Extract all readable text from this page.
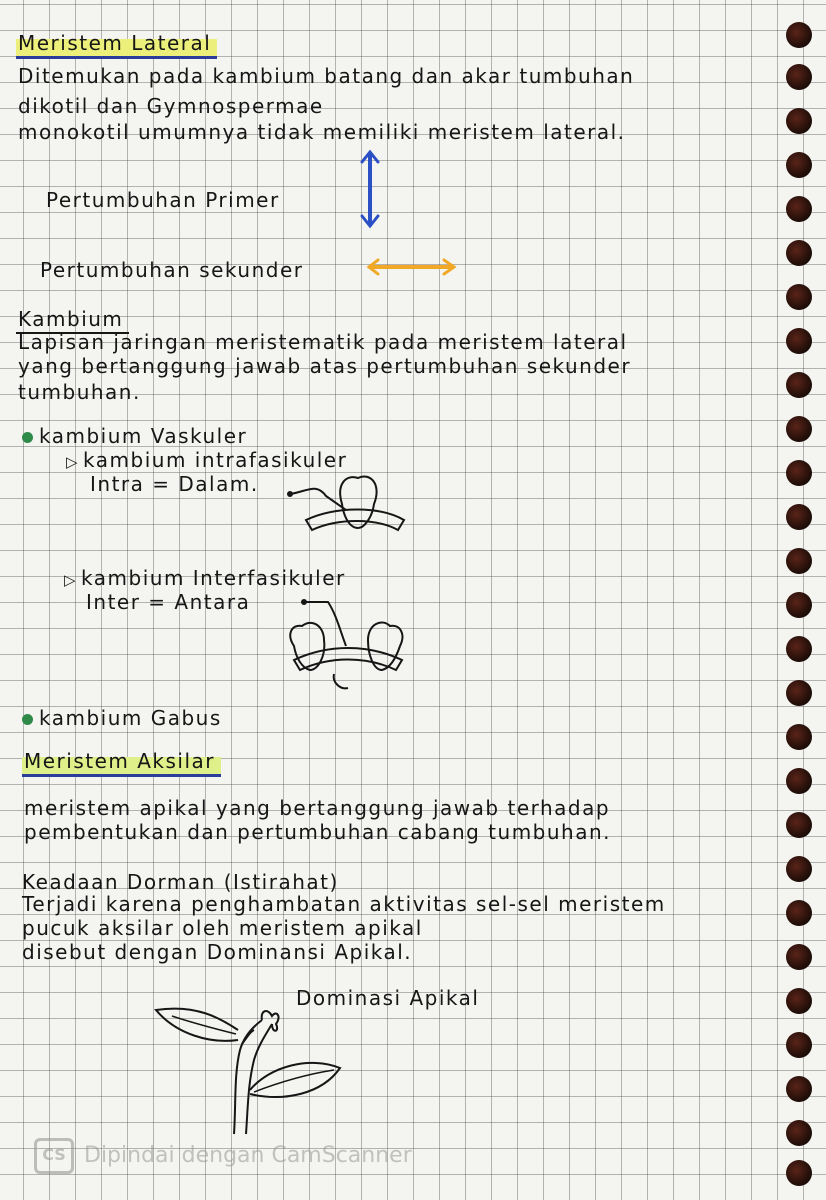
Meristem Lateral
Ditemukan pada kambium batang dan akar tumbuhan
dikotil dan Gymnospermae
monokotil umumnya tidak memiliki meristem lateral.
Pertumbuhan Primer
Pertumbuhan sekunder
Kambium
Lapisan jaringan meristematik pada meristem lateral
yang bertanggung jawab atas pertumbuhan sekunder
tumbuhan.
kambium Vaskuler
▷ kambium intrafasikuler
Intra = Dalam.
▷ kambium Interfasikuler
Inter = Antara
kambium Gabus
Meristem Aksilar
meristem apikal yang bertanggung jawab terhadap
pembentukan dan pertumbuhan cabang tumbuhan.
Keadaan Dorman (Istirahat)
Terjadi karena penghambatan aktivitas sel-sel meristem
pucuk aksilar oleh meristem apikal
disebut dengan Dominansi Apikal.
Dominasi Apikal
CS Dipindai dengan CamScanner
